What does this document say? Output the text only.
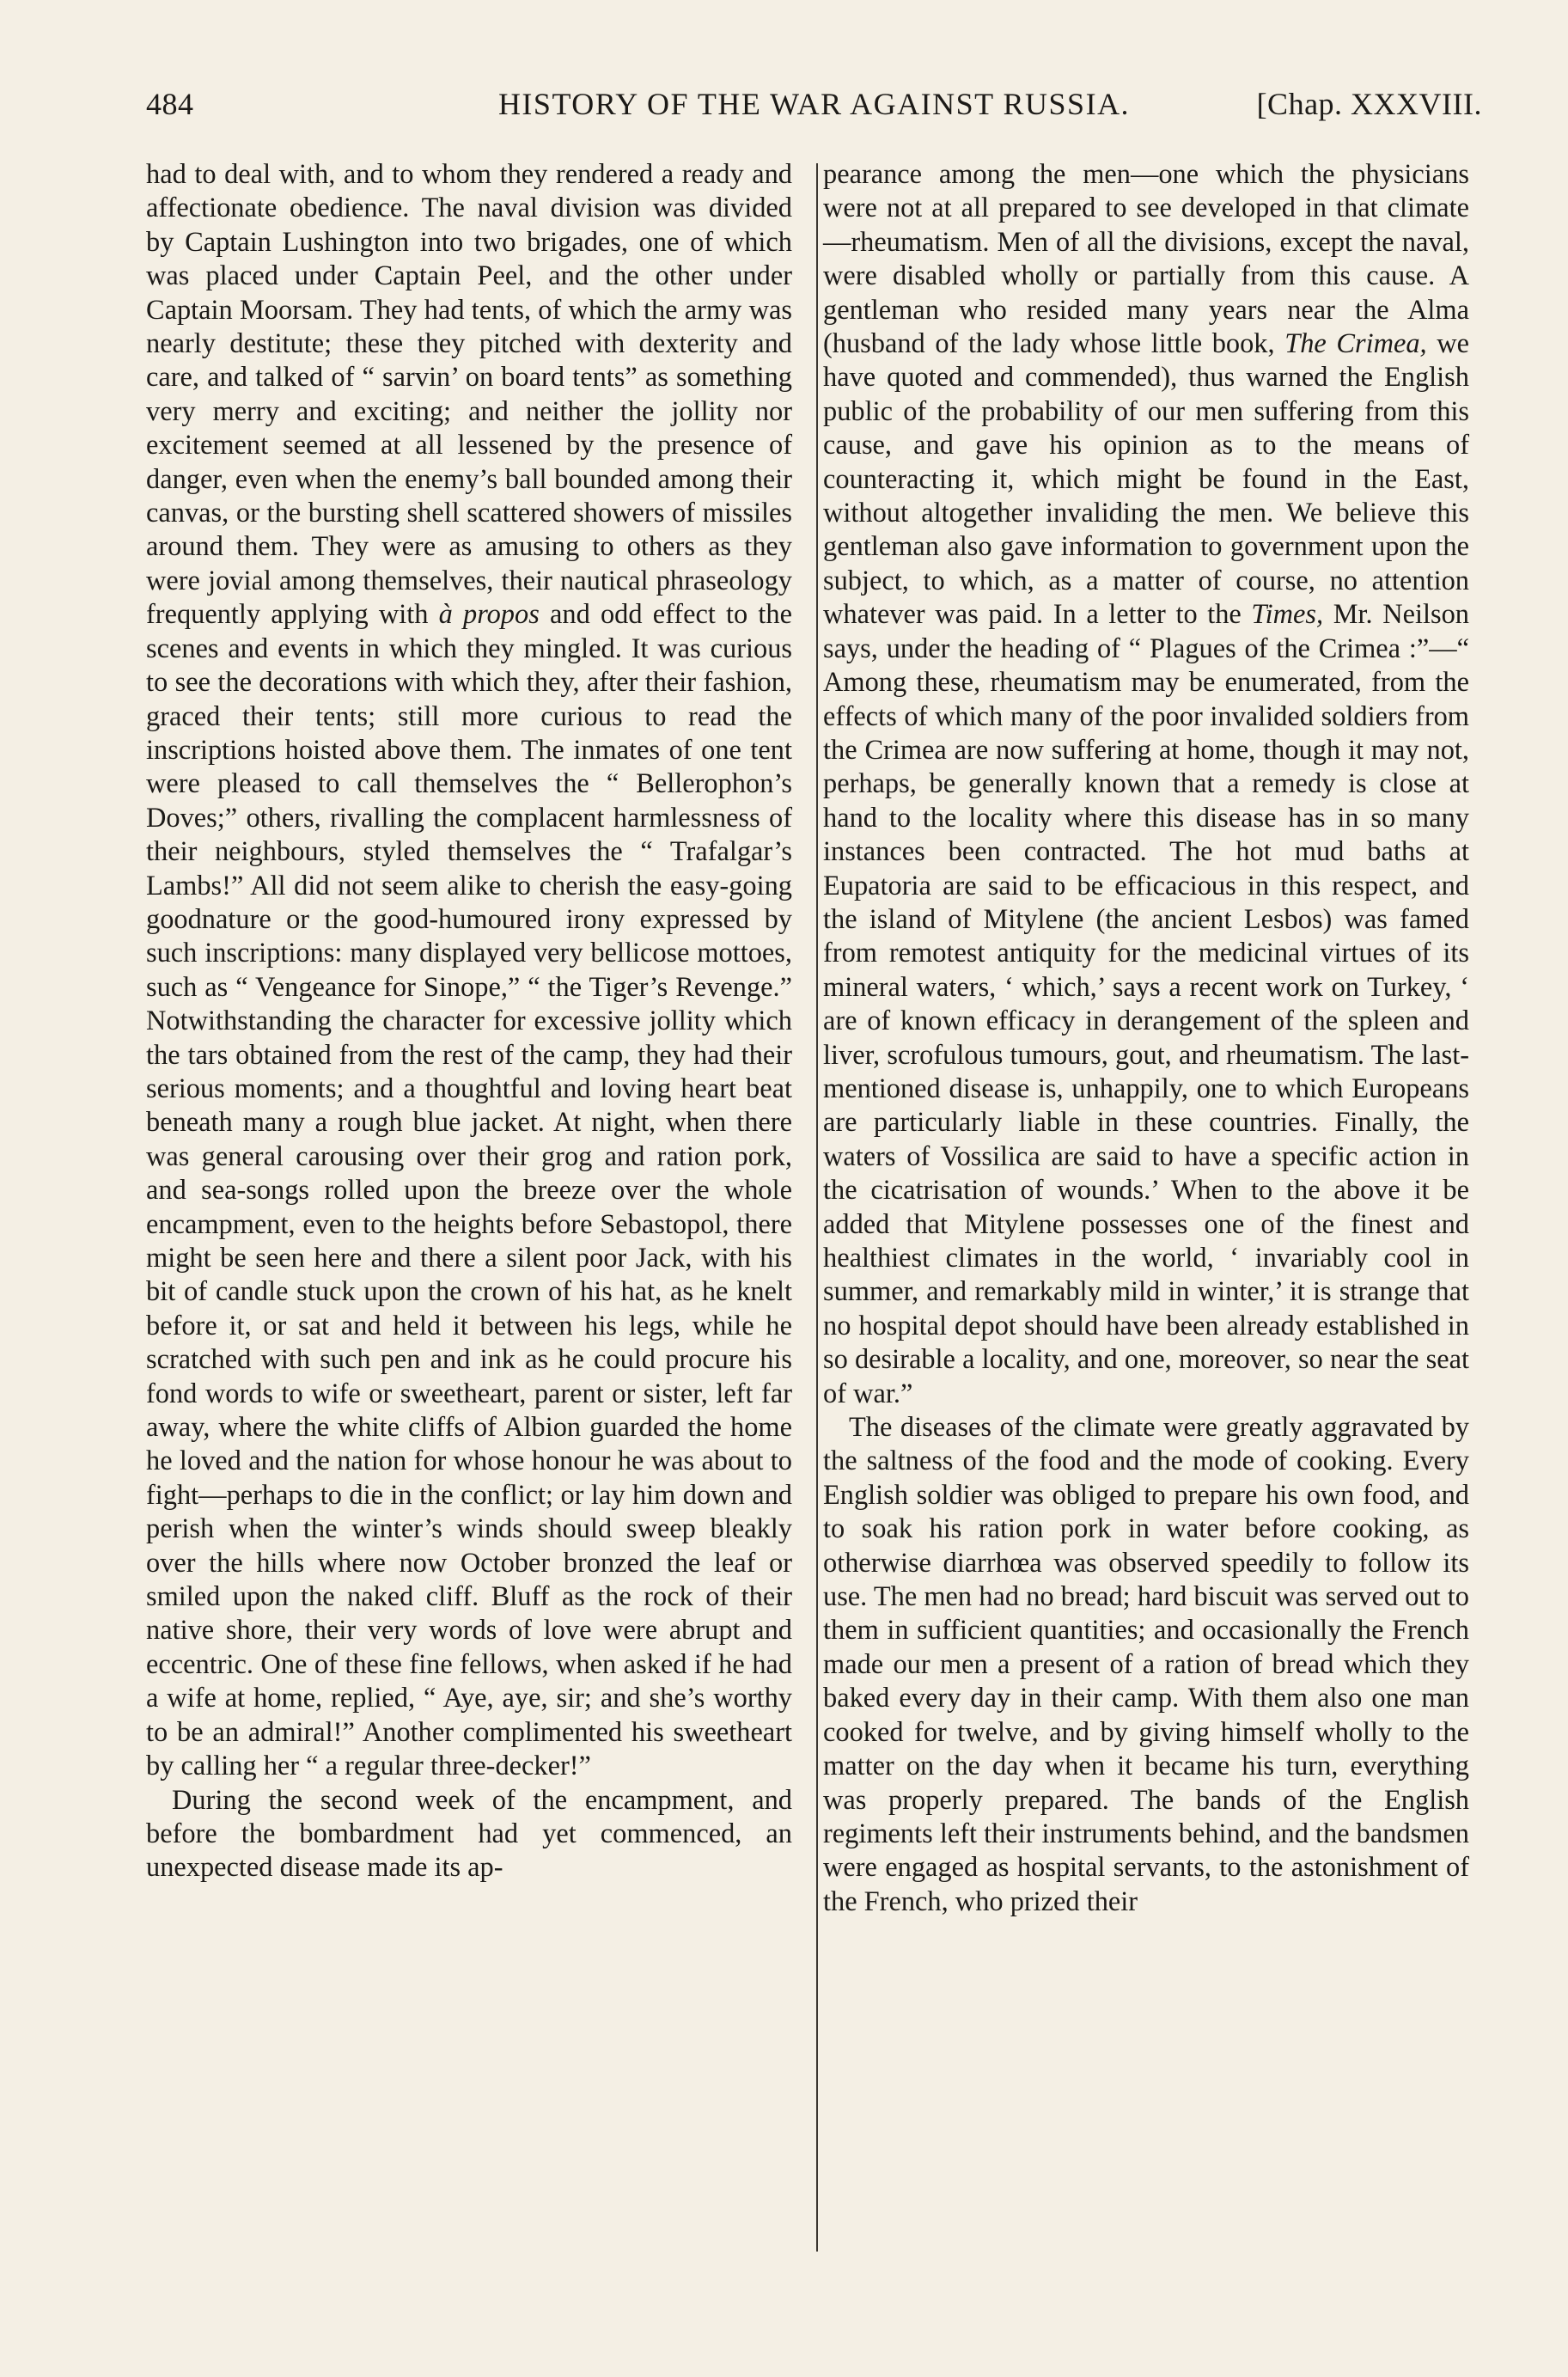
484	HISTORY OF THE WAR AGAINST RUSSIA.	[Chap. XXXVIII.

had to deal with, and to whom they rendered a ready and affectionate obedience. The naval division was divided by Captain Lushington into two brigades, one of which was placed under Captain Peel, and the other under Captain Moorsam. They had tents, of which the army was nearly destitute; these they pitched with dexterity and care, and talked of “ sarvin’ on board tents” as something very merry and exciting; and neither the jollity nor excitement seemed at all lessened by the presence of danger, even when the enemy’s ball bounded among their canvas, or the bursting shell scattered showers of missiles around them. They were as amusing to others as they were jovial among themselves, their nautical phraseology frequently applying with à propos and odd effect to the scenes and events in which they mingled. It was curious to see the decorations with which they, after their fashion, graced their tents; still more curious to read the inscriptions hoisted above them. The inmates of one tent were pleased to call themselves the “ Bellerophon’s Doves;” others, rivalling the complacent harmlessness of their neighbours, styled themselves the “ Trafalgar’s Lambs!” All did not seem alike to cherish the easy-going goodnature or the good-humoured irony expressed by such inscriptions: many displayed very bellicose mottoes, such as “ Vengeance for Sinope,” “ the Tiger’s Revenge.” Notwithstanding the character for excessive jollity which the tars obtained from the rest of the camp, they had their serious moments; and a thoughtful and loving heart beat beneath many a rough blue jacket. At night, when there was general carousing over their grog and ration pork, and sea-songs rolled upon the breeze over the whole encampment, even to the heights before Sebastopol, there might be seen here and there a silent poor Jack, with his bit of candle stuck upon the crown of his hat, as he knelt before it, or sat and held it between his legs, while he scratched with such pen and ink as he could procure his fond words to wife or sweetheart, parent or sister, left far away, where the white cliffs of Albion guarded the home he loved and the nation for whose honour he was about to fight—perhaps to die in the conflict; or lay him down and perish when the winter’s winds should sweep bleakly over the hills where now October bronzed the leaf or smiled upon the naked cliff. Bluff as the rock of their native shore, their very words of love were abrupt and eccentric. One of these fine fellows, when asked if he had a wife at home, replied, “ Aye, aye, sir; and she’s worthy to be an admiral!” Another complimented his sweetheart by calling her “ a regular three-decker!”

During the second week of the encampment, and before the bombardment had yet commenced, an unexpected disease made its ap-

pearance among the men—one which the physicians were not at all prepared to see developed in that climate—rheumatism. Men of all the divisions, except the naval, were disabled wholly or partially from this cause. A gentleman who resided many years near the Alma (husband of the lady whose little book, The Crimea, we have quoted and commended), thus warned the English public of the probability of our men suffering from this cause, and gave his opinion as to the means of counteracting it, which might be found in the East, without altogether invaliding the men. We believe this gentleman also gave information to government upon the subject, to which, as a matter of course, no attention whatever was paid. In a letter to the Times, Mr. Neilson says, under the heading of “ Plagues of the Crimea :”—“ Among these, rheumatism may be enumerated, from the effects of which many of the poor invalided soldiers from the Crimea are now suffering at home, though it may not, perhaps, be generally known that a remedy is close at hand to the locality where this disease has in so many instances been contracted. The hot mud baths at Eupatoria are said to be efficacious in this respect, and the island of Mitylene (the ancient Lesbos) was famed from remotest antiquity for the medicinal virtues of its mineral waters, ‘ which,’ says a recent work on Turkey, ‘ are of known efficacy in derangement of the spleen and liver, scrofulous tumours, gout, and rheumatism. The last-mentioned disease is, unhappily, one to which Europeans are particularly liable in these countries. Finally, the waters of Vossilica are said to have a specific action in the cicatrisation of wounds.’ When to the above it be added that Mitylene possesses one of the finest and healthiest climates in the world, ‘ invariably cool in summer, and remarkably mild in winter,’ it is strange that no hospital depot should have been already established in so desirable a locality, and one, moreover, so near the seat of war.”

The diseases of the climate were greatly aggravated by the saltness of the food and the mode of cooking. Every English soldier was obliged to prepare his own food, and to soak his ration pork in water before cooking, as otherwise diarrhœa was observed speedily to follow its use. The men had no bread; hard biscuit was served out to them in sufficient quantities; and occasionally the French made our men a present of a ration of bread which they baked every day in their camp. With them also one man cooked for twelve, and by giving himself wholly to the matter on the day when it became his turn, everything was properly prepared. The bands of the English regiments left their instruments behind, and the bandsmen were engaged as hospital servants, to the astonishment of the French, who prized their
